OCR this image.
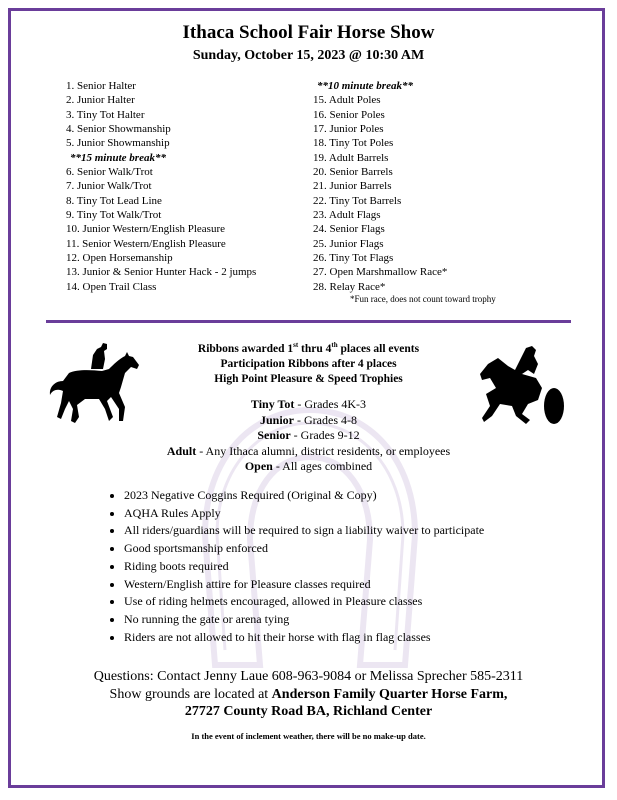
Ithaca School Fair Horse Show
Sunday, October 15, 2023 @ 10:30 AM
1. Senior Halter
2. Junior Halter
3. Tiny Tot Halter
4. Senior Showmanship
5. Junior Showmanship
**15 minute break**
6. Senior Walk/Trot
7. Junior Walk/Trot
8. Tiny Tot Lead Line
9. Tiny Tot Walk/Trot
10. Junior Western/English Pleasure
11. Senior Western/English Pleasure
12. Open Horsemanship
13. Junior & Senior Hunter Hack - 2 jumps
14. Open Trail Class
**10 minute break**
15. Adult Poles
16. Senior Poles
17. Junior Poles
18. Tiny Tot Poles
19. Adult Barrels
20. Senior Barrels
21. Junior Barrels
22. Tiny Tot Barrels
23. Adult Flags
24. Senior Flags
25. Junior Flags
26. Tiny Tot Flags
27. Open Marshmallow Race*
28. Relay Race*
*Fun race, does not count toward trophy
Ribbons awarded 1st thru 4th places all events
Participation Ribbons after 4 places
High Point Pleasure & Speed Trophies
Tiny Tot - Grades 4K-3
Junior - Grades 4-8
Senior - Grades 9-12
Adult - Any Ithaca alumni, district residents, or employees
Open - All ages combined
• 2023 Negative Coggins Required (Original & Copy)
• AQHA Rules Apply
• All riders/guardians will be required to sign a liability waiver to participate
• Good sportsmanship enforced
• Riding boots required
• Western/English attire for Pleasure classes required
• Use of riding helmets encouraged, allowed in Pleasure classes
• No running the gate or arena tying
• Riders are not allowed to hit their horse with flag in flag classes
Questions: Contact Jenny Laue 608-963-9084 or Melissa Sprecher 585-2311
Show grounds are located at Anderson Family Quarter Horse Farm,
27727 County Road BA, Richland Center
In the event of inclement weather, there will be no make-up date.
